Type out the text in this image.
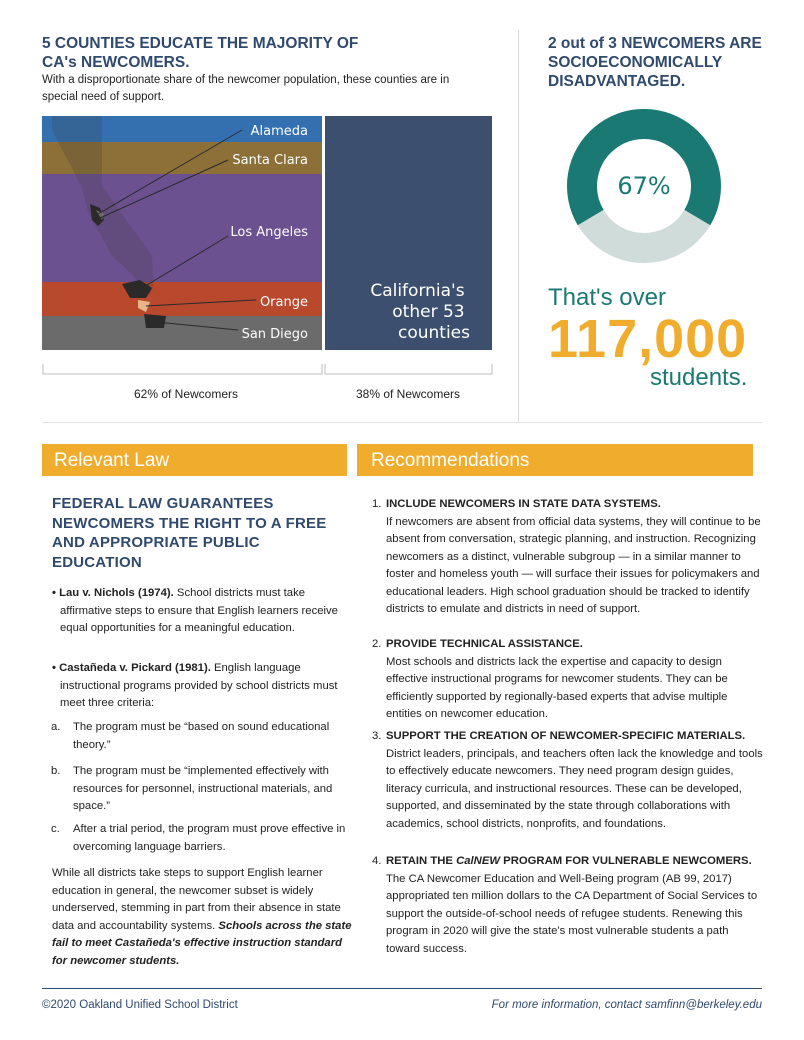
5 COUNTIES EDUCATE THE MAJORITY OF CA's NEWCOMERS.
With a disproportionate share of the newcomer population, these counties are in special need of support.
Alameda
Santa Clara
Los Angeles
Orange
San Diego
California's other 53 counties
62% of Newcomers	38% of Newcomers
2 out of 3 NEWCOMERS ARE SOCIOECONOMICALLY DISADVANTAGED.
67%
That's over
117,000
students.
Relevant Law	Recommendations
FEDERAL LAW GUARANTEES NEWCOMERS THE RIGHT TO A FREE AND APPROPRIATE PUBLIC EDUCATION
• Lau v. Nichols (1974). School districts must take affirmative steps to ensure that English learners receive equal opportunities for a meaningful education.
• Castañeda v. Pickard (1981). English language instructional programs provided by school districts must meet three criteria:
a. The program must be “based on sound educational theory.”
b. The program must be “implemented effectively with resources for personnel, instructional materials, and space.”
c. After a trial period, the program must prove effective in overcoming language barriers.
While all districts take steps to support English learner education in general, the newcomer subset is widely underserved, stemming in part from their absence in state data and accountability systems. Schools across the state fail to meet Castañeda's effective instruction standard for newcomer students.
1. INCLUDE NEWCOMERS IN STATE DATA SYSTEMS.
If newcomers are absent from official data systems, they will continue to be absent from conversation, strategic planning, and instruction. Recognizing newcomers as a distinct, vulnerable subgroup — in a similar manner to foster and homeless youth — will surface their issues for policymakers and educational leaders. High school graduation should be tracked to identify districts to emulate and districts in need of support.
2. PROVIDE TECHNICAL ASSISTANCE.
Most schools and districts lack the expertise and capacity to design effective instructional programs for newcomer students. They can be efficiently supported by regionally-based experts that advise multiple entities on newcomer education.
3. SUPPORT THE CREATION OF NEWCOMER-SPECIFIC MATERIALS.
District leaders, principals, and teachers often lack the knowledge and tools to effectively educate newcomers. They need program design guides, literacy curricula, and instructional resources. These can be developed, supported, and disseminated by the state through collaborations with academics, school districts, nonprofits, and foundations.
4. RETAIN THE CalNEW PROGRAM FOR VULNERABLE NEWCOMERS.
The CA Newcomer Education and Well-Being program (AB 99, 2017) appropriated ten million dollars to the CA Department of Social Services to support the outside-of-school needs of refugee students. Renewing this program in 2020 will give the state's most vulnerable students a path toward success.
©2020 Oakland Unified School District	For more information, contact samfinn@berkeley.edu
